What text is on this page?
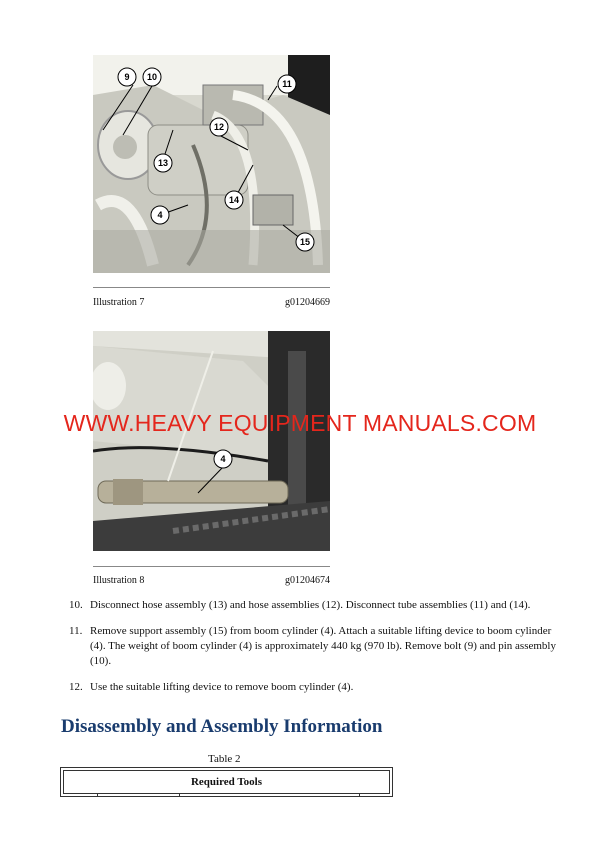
9 10
11
12
13
4
14
15
Illustration 7	g01204669
4
Illustration 8	g01204674
WWW.HEAVY EQUIPMENT MANUALS.COM
10. Disconnect hose assembly (13) and hose assemblies (12). Disconnect tube assemblies (11) and (14).
11. Remove support assembly (15) from boom cylinder (4). Attach a suitable lifting device to boom cylinder (4). The weight of boom cylinder (4) is approximately 440 kg (970 lb). Remove bolt (9) and pin assembly (10).
12. Use the suitable lifting device to remove boom cylinder (4).
Disassembly and Assembly Information
Table 2
Required Tools
